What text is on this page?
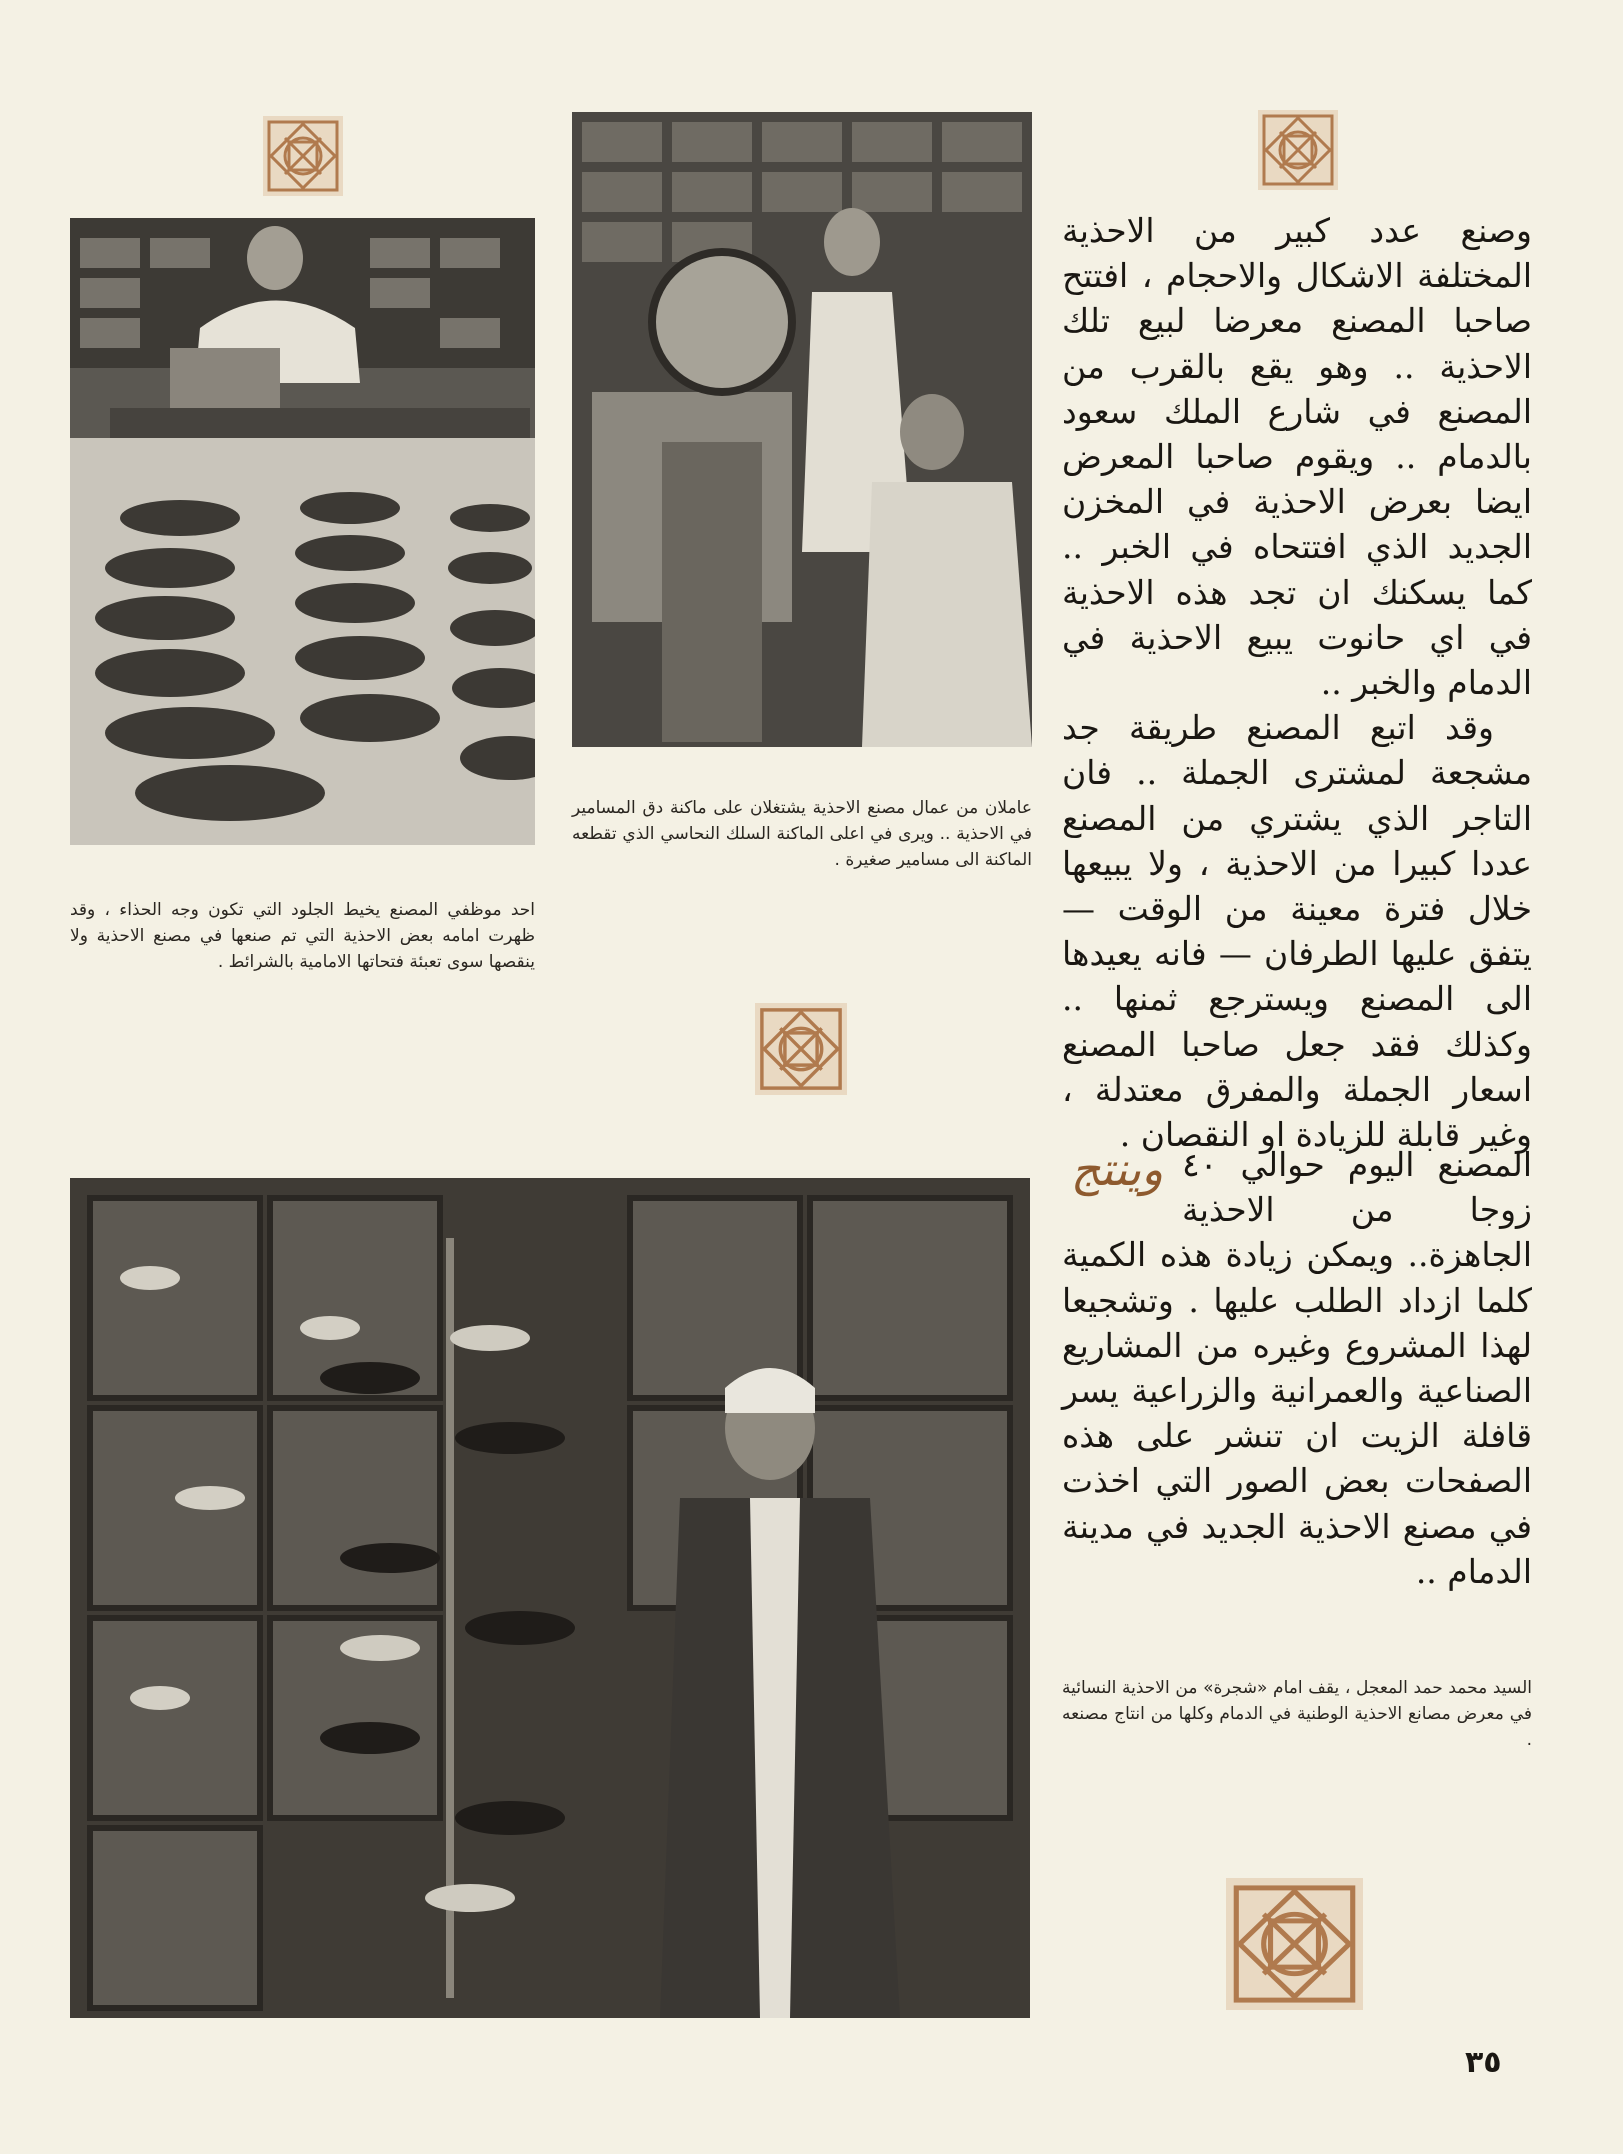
وصنع عدد كبير من الاحذية المختلفة الاشكال والاحجام ، افتتح صاحبا المصنع معرضا لبيع تلك الاحذية .. وهو يقع بالقرب من المصنع في شارع الملك سعود بالدمام .. ويقوم صاحبا المعرض ايضا بعرض الاحذية في المخزن الجديد الذي افتتحاه في الخبر .. كما يسكنك ان تجد هذه الاحذية في اي حانوت يبيع الاحذية في الدمام والخبر ..

وقد اتبع المصنع طريقة جد مشجعة لمشترى الجملة .. فان التاجر الذي يشتري من المصنع عددا كبيرا من الاحذية ، ولا يبيعها خلال فترة معينة من الوقت — يتفق عليها الطرفان — فانه يعيدها الى المصنع ويسترجع ثمنها .. وكذلك فقد جعل صاحبا المصنع اسعار الجملة والمفرق معتدلة ، وغير قابلة للزيادة او النقصان .

وينتج المصنع اليوم حوالي ٤٠ زوجا من الاحذية الجاهزة.. ويمكن زيادة هذه الكمية كلما ازداد الطلب عليها . وتشجيعا لهذا المشروع وغيره من المشاريع الصناعية والعمرانية والزراعية يسر قافلة الزيت ان تنشر على هذه الصفحات بعض الصور التي اخذت في مصنع الاحذية الجديد في مدينة الدمام ..

احد موظفي المصنع يخيط الجلود التي تكون وجه الحذاء ، وقد ظهرت امامه بعض الاحذية التي تم صنعها في مصنع الاحذية ولا ينقصها سوى تعبئة فتحاتها الامامية بالشرائط .
عاملان من عمال مصنع الاحذية يشتغلان على ماكنة دق المسامير في الاحذية .. ويرى في اعلى الماكنة السلك النحاسي الذي تقطعه الماكنة الى مسامير صغيرة .
السيد محمد حمد المعجل ، يقف امام «شجرة» من الاحذية النسائية في معرض مصانع الاحذية الوطنية في الدمام وكلها من انتاج مصنعه .
٣٥
